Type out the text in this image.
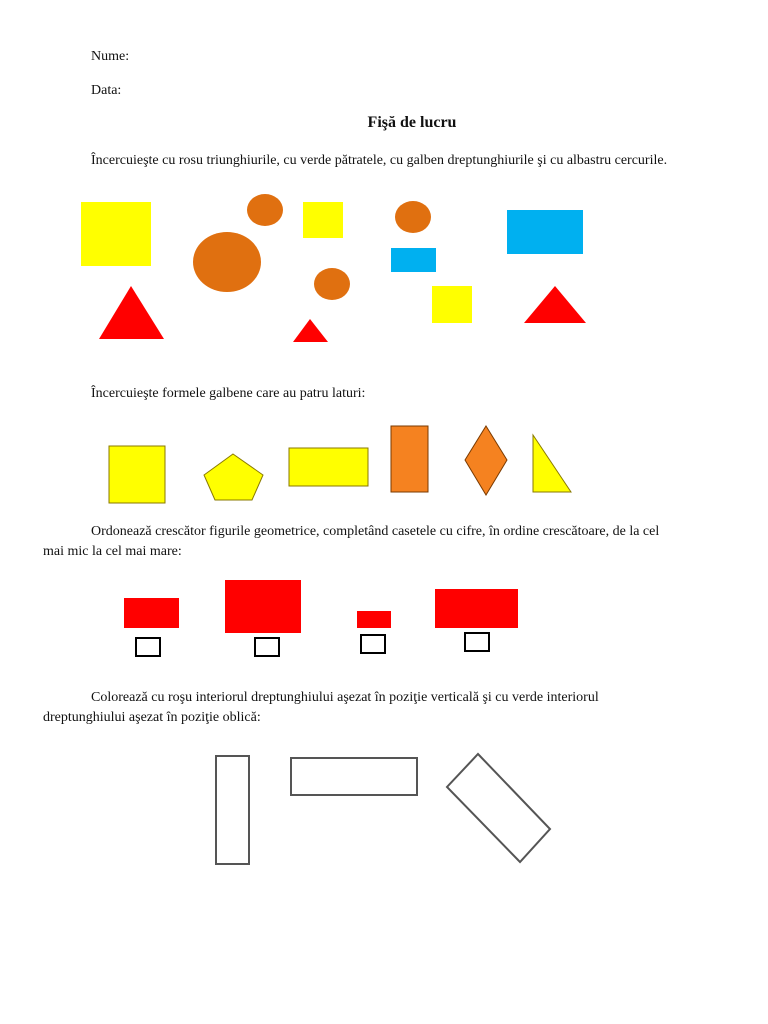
Nume:
Data:
Fişă de lucru
Încercuieşte cu rosu triunghiurile, cu verde pătratele, cu galben dreptunghiurile şi cu albastru cercurile.
Încercuieşte formele galbene care au patru laturi:
Ordonează crescător figurile geometrice, completând casetele cu cifre, în ordine crescătoare, de la cel
mai mic la cel mai mare:
Colorează cu roşu interiorul dreptunghiului aşezat în poziţie verticală şi cu verde interiorul
dreptunghiului aşezat în poziţie oblică:
